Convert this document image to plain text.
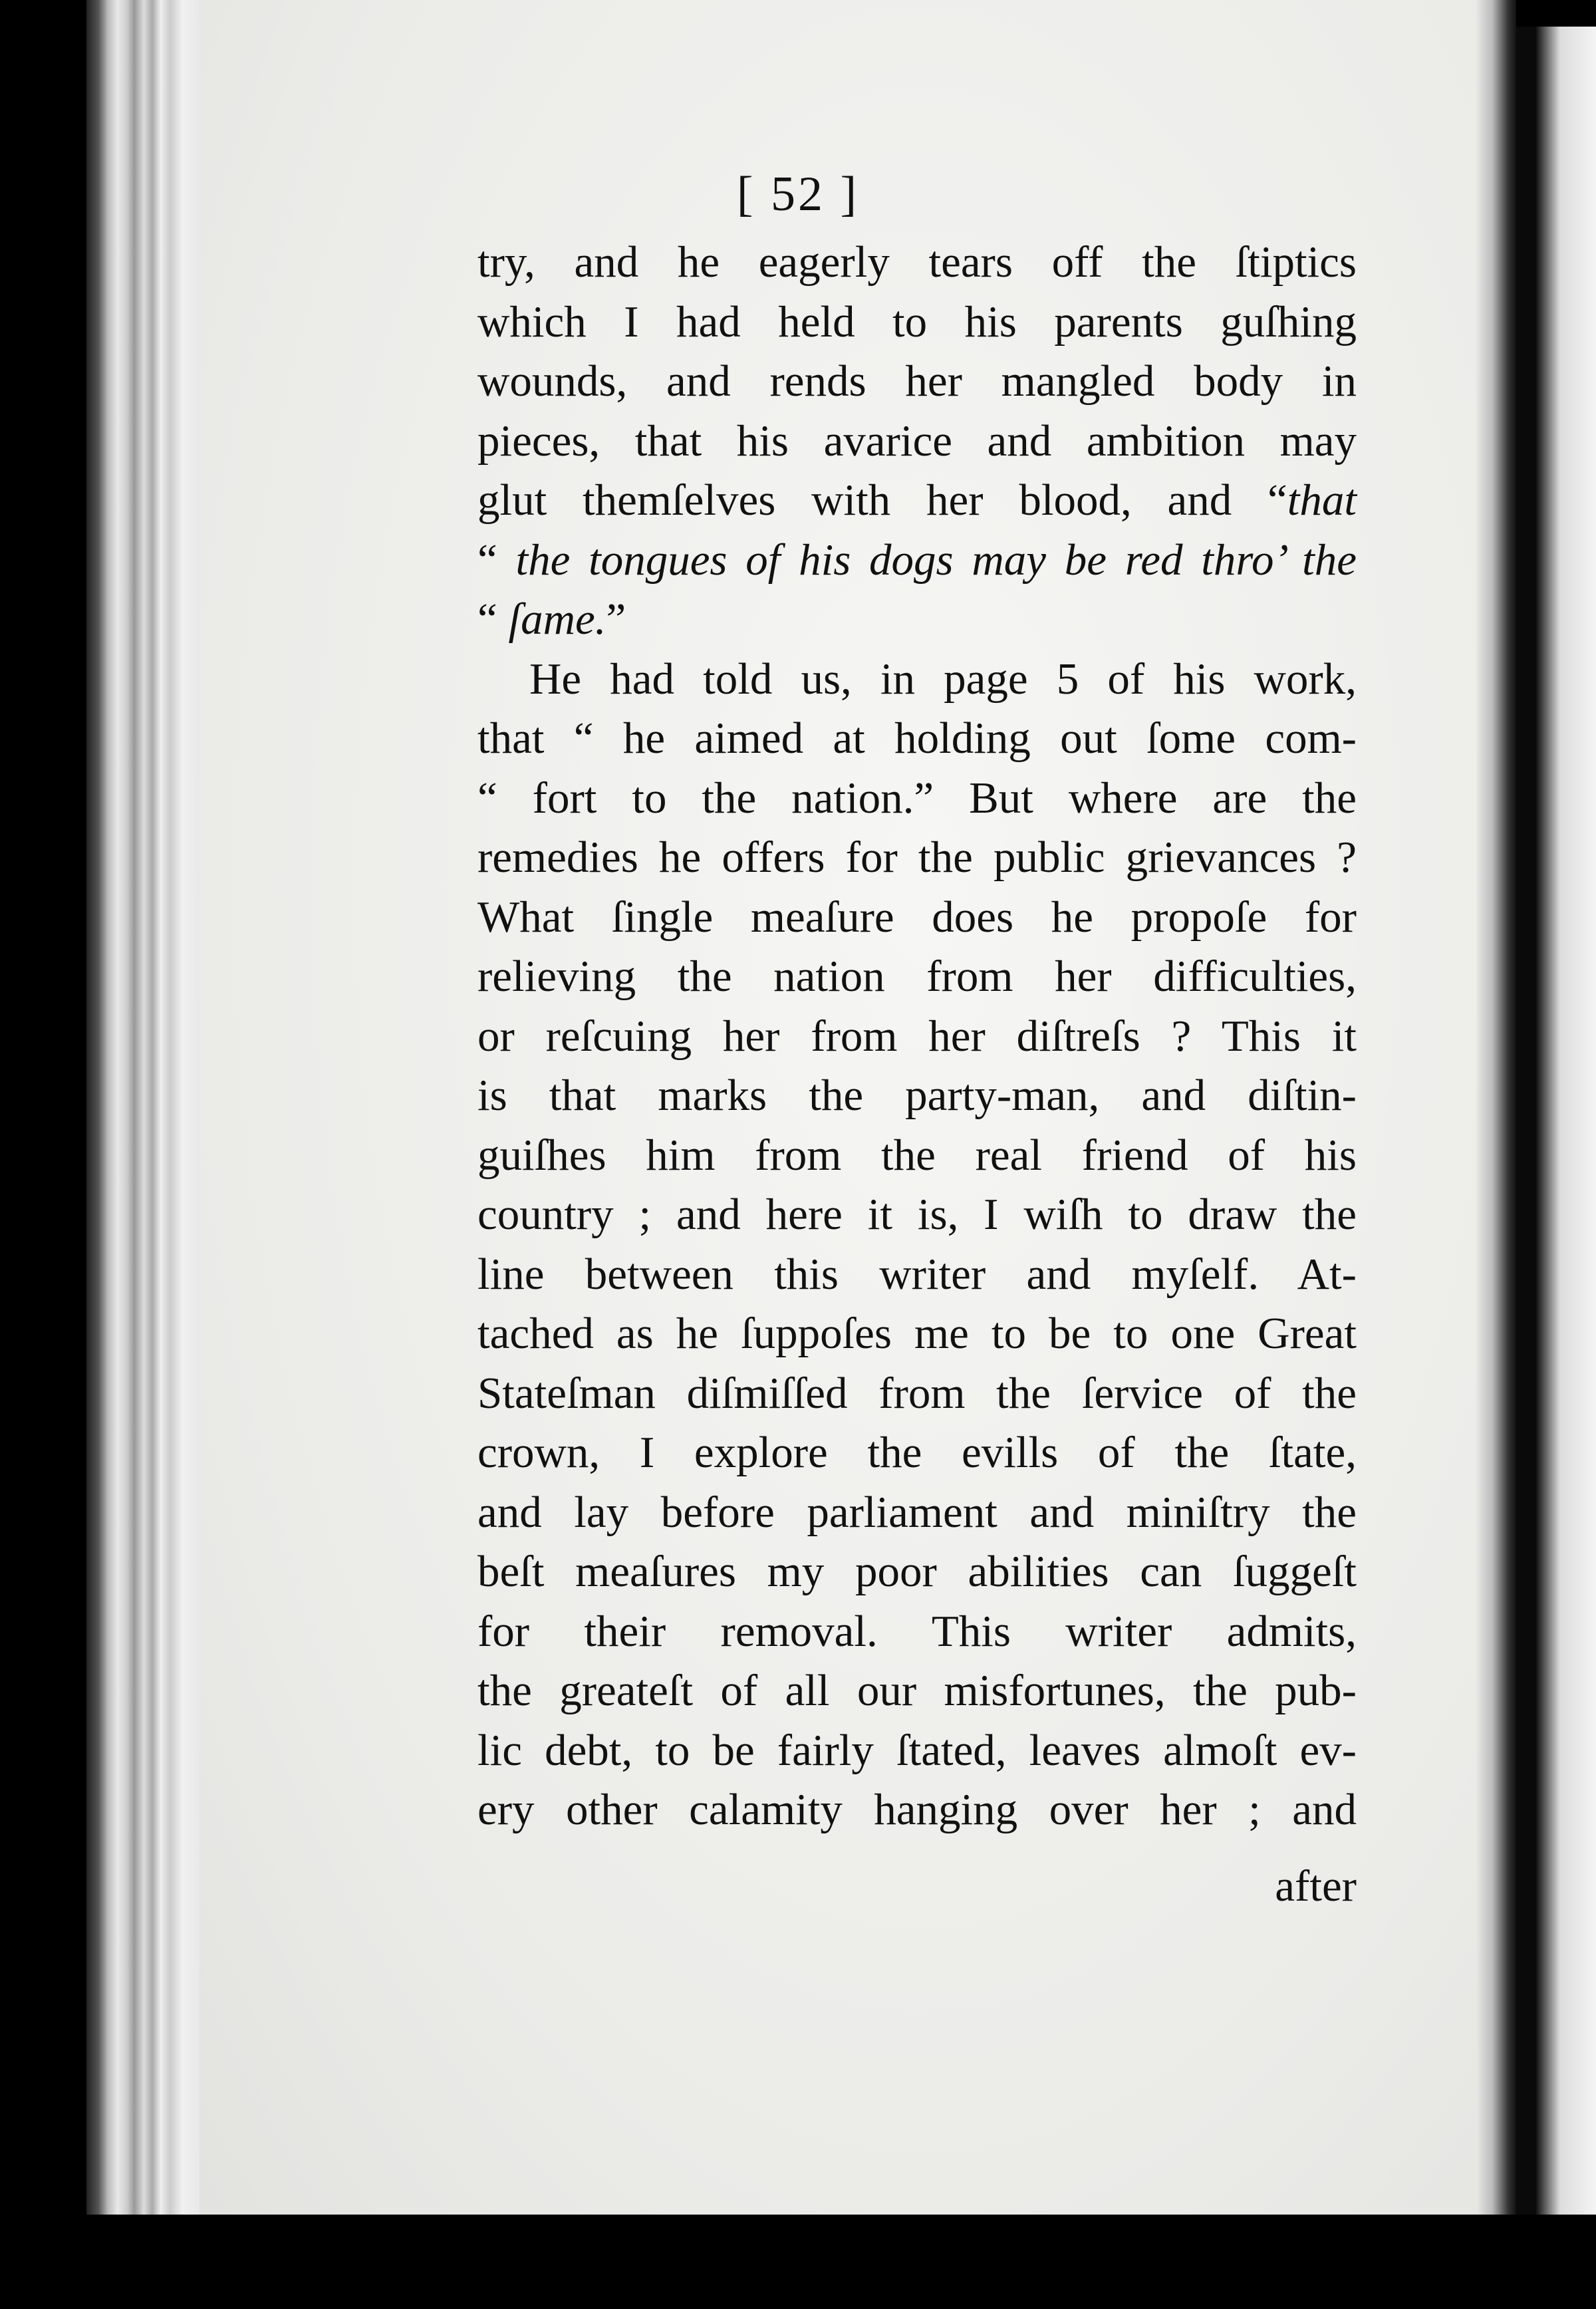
[ 52 ]
try, and he eagerly tears off the ſtiptics
which I had held to his parents guſhing
wounds, and rends her mangled body in
pieces, that his avarice and ambition may
glut themſelves with her blood, and “that
“ the tongues of his dogs may be red thro’ the
“ ſame.”
He had told us, in page 5 of his work,
that “ he aimed at holding out ſome com-
“ fort to the nation.” But where are the
remedies he offers for the public grievances ?
What ſingle meaſure does he propoſe for
relieving the nation from her difficulties,
or reſcuing her from her diſtreſs ? This it
is that marks the party-man, and diſtin-
guiſhes him from the real friend of his
country ; and here it is, I wiſh to draw the
line between this writer and myſelf. At-
tached as he ſuppoſes me to be to one Great
Stateſman diſmiſſed from the ſervice of the
crown, I explore the evills of the ſtate,
and lay before parliament and miniſtry the
beſt meaſures my poor abilities can ſuggeſt
for their removal. This writer admits,
the greateſt of all our misfortunes, the pub-
lic debt, to be fairly ſtated, leaves almoſt ev-
ery other calamity hanging over her ; and
after
